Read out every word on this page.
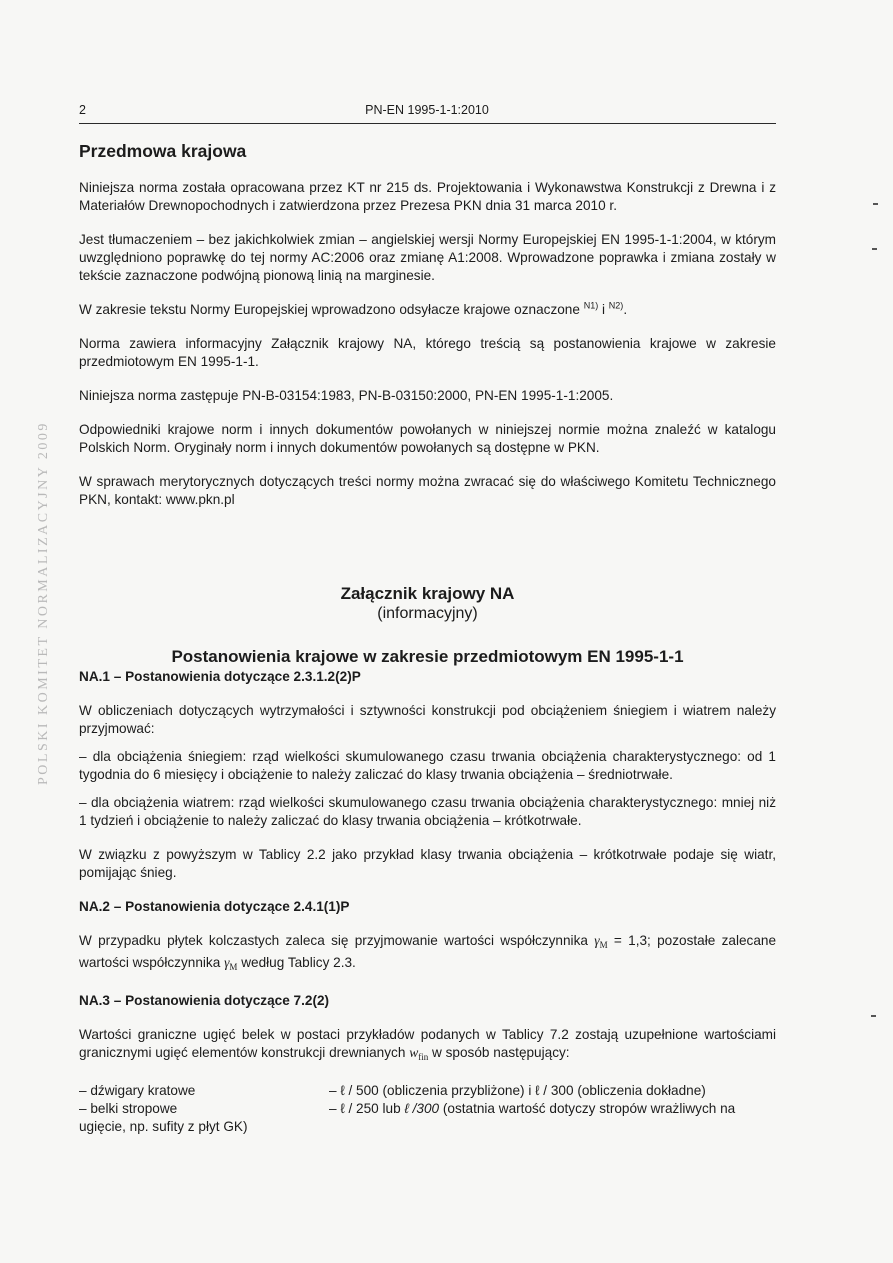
2	PN-EN 1995-1-1:2010
POLSKI KOMITET NORMALIZACYJNY 2009
Przedmowa krajowa

Niniejsza norma została opracowana przez KT nr 215 ds. Projektowania i Wykonawstwa Konstrukcji z Drewna i z Materiałów Drewnopochodnych i zatwierdzona przez Prezesa PKN dnia 31 marca 2010 r.

Jest tłumaczeniem – bez jakichkolwiek zmian – angielskiej wersji Normy Europejskiej EN 1995-1-1:2004, w którym uwzględniono poprawkę do tej normy AC:2006 oraz zmianę A1:2008. Wprowadzone poprawka i zmiana zostały w tekście zaznaczone podwójną pionową linią na marginesie.

W zakresie tekstu Normy Europejskiej wprowadzono odsyłacze krajowe oznaczone $^{N1)}$ i $^{N2)}$.

Norma zawiera informacyjny Załącznik krajowy NA, którego treścią są postanowienia krajowe w zakresie przedmiotowym EN 1995-1-1.

Niniejsza norma zastępuje PN-B-03154:1983, PN-B-03150:2000, PN-EN 1995-1-1:2005.

Odpowiedniki krajowe norm i innych dokumentów powołanych w niniejszej normie można znaleźć w katalogu Polskich Norm. Oryginały norm i innych dokumentów powołanych są dostępne w PKN.

W sprawach merytorycznych dotyczących treści normy można zwracać się do właściwego Komitetu Technicznego PKN, kontakt: www.pkn.pl

Załącznik krajowy NA
(informacyjny)
Postanowienia krajowe w zakresie przedmiotowym EN 1995-1-1
NA.1 – Postanowienia dotyczące 2.3.1.2(2)P

W obliczeniach dotyczących wytrzymałości i sztywności konstrukcji pod obciążeniem śniegiem i wiatrem należy przyjmować:

– dla obciążenia śniegiem: rząd wielkości skumulowanego czasu trwania obciążenia charakterystycznego: od 1 tygodnia do 6 miesięcy i obciążenie to należy zaliczać do klasy trwania obciążenia – średniotrwałe.

– dla obciążenia wiatrem: rząd wielkości skumulowanego czasu trwania obciążenia charakterystycznego: mniej niż 1 tydzień i obciążenie to należy zaliczać do klasy trwania obciążenia – krótkotrwałe.

W związku z powyższym w Tablicy 2.2 jako przykład klasy trwania obciążenia – krótkotrwałe podaje się wiatr, pomijając śnieg.

NA.2 – Postanowienia dotyczące 2.4.1(1)P

W przypadku płytek kolczastych zaleca się przyjmowanie wartości współczynnika $\gamma_M = 1,3$; pozostałe zalecane wartości współczynnika $\gamma_M$ według Tablicy 2.3.

NA.3 – Postanowienia dotyczące 7.2(2)

Wartości graniczne ugięć belek w postaci przykładów podanych w Tablicy 7.2 zostają uzupełnione wartościami granicznymi ugięć elementów konstrukcji drewnianych $w_{fin}$ w sposób następujący:

– dźwigary kratowe	– ℓ / 500 (obliczenia przybliżone) i ℓ / 300 (obliczenia dokładne)
– belki stropowe	– ℓ / 250 lub ℓ /300 (ostatnia wartość dotyczy stropów wrażliwych na
ugięcie, np. sufity z płyt GK)
